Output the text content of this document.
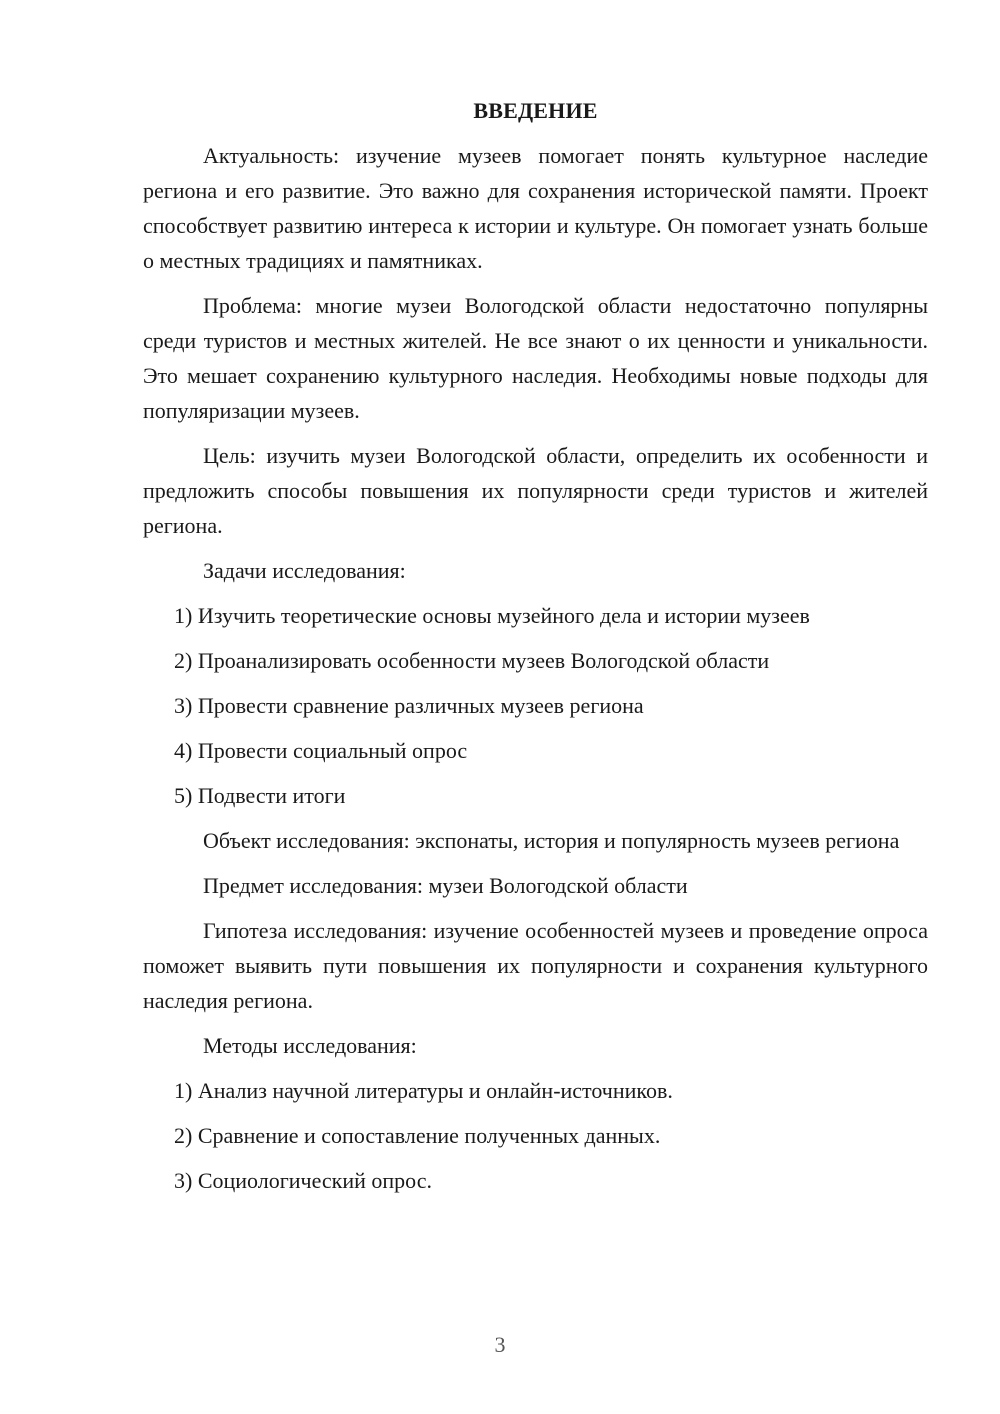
ВВЕДЕНИЕ

Актуальность: изучение музеев помогает понять культурное наследие региона и его развитие. Это важно для сохранения исторической памяти. Проект способствует развитию интереса к истории и культуре. Он помогает узнать больше о местных традициях и памятниках.

Проблема: многие музеи Вологодской области недостаточно популярны среди туристов и местных жителей. Не все знают о их ценности и уникальности. Это мешает сохранению культурного наследия. Необходимы новые подходы для популяризации музеев.

Цель: изучить музеи Вологодской области, определить их особенности и предложить способы повышения их популярности среди туристов и жителей региона.

Задачи исследования:

1) Изучить теоретические основы музейного дела и истории музеев
2) Проанализировать особенности музеев Вологодской области
3) Провести сравнение различных музеев региона
4) Провести социальный опрос
5) Подвести итоги

Объект исследования: экспонаты, история и популярность музеев региона

Предмет исследования: музеи Вологодской области

Гипотеза исследования: изучение особенностей музеев и проведение опроса поможет выявить пути повышения их популярности и сохранения культурного наследия региона.

Методы исследования:

1) Анализ научной литературы и онлайн-источников.
2) Сравнение и сопоставление полученных данных.
3) Социологический опрос.
3
